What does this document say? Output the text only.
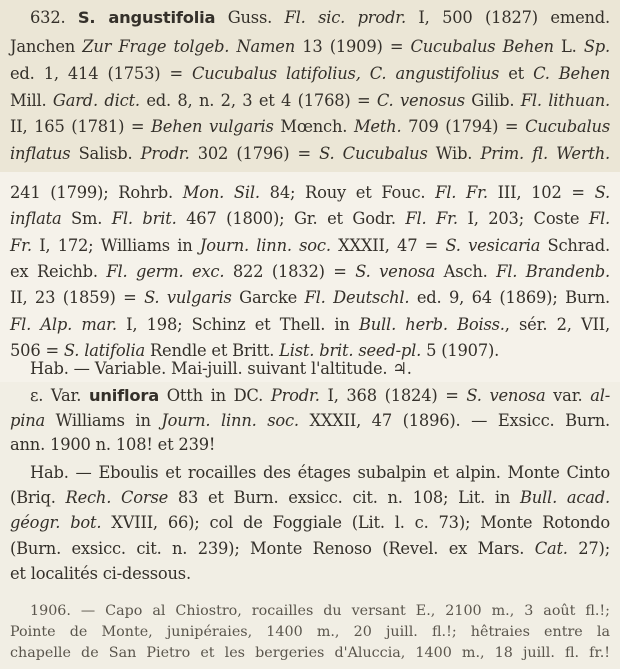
632. S. angustifolia Guss. Fl. sic. prodr. I, 500 (1827) emend.
Janchen Zur Frage tolgeb. Namen 13 (1909) = Cucubalus Behen L. Sp.
ed. 1, 414 (1753) = Cucubalus latifolius, C. angustifolius et C. Behen
Mill. Gard. dict. ed. 8, n. 2, 3 et 4 (1768) = C. venosus Gilib. Fl. lithuan.
II, 165 (1781) = Behen vulgaris Mœnch. Meth. 709 (1794) = Cucubalus
inflatus Salisb. Prodr. 302 (1796) = S. Cucubalus Wib. Prim. fl. Werth.
241 (1799); Rohrb. Mon. Sil. 84; Rouy et Fouc. Fl. Fr. III, 102 = S.
inflata Sm. Fl. brit. 467 (1800); Gr. et Godr. Fl. Fr. I, 203; Coste Fl.
Fr. I, 172; Williams in Journ. linn. soc. XXXII, 47 = S. vesicaria Schrad.
ex Reichb. Fl. germ. exc. 822 (1832) = S. venosa Asch. Fl. Brandenb.
II, 23 (1859) = S. vulgaris Garcke Fl. Deutschl. ed. 9, 64 (1869); Burn.
Fl. Alp. mar. I, 198; Schinz et Thell. in Bull. herb. Boiss., sér. 2, VII,
506 = S. latifolia Rendle et Britt. List. brit. seed-pl. 5 (1907).
Hab. — Variable. Mai-juill. suivant l'altitude. ♃.
ε. Var. uniflora Otth in DC. Prodr. I, 368 (1824) = S. venosa var. al-
pina Williams in Journ. linn. soc. XXXII, 47 (1896). — Exsicc. Burn.
ann. 1900 n. 108! et 239!
Hab. — Eboulis et rocailles des étages subalpin et alpin. Monte Cinto
(Briq. Rech. Corse 83 et Burn. exsicc. cit. n. 108; Lit. in Bull. acad.
géogr. bot. XVIII, 66); col de Foggiale (Lit. l. c. 73); Monte Rotondo
(Burn. exsicc. cit. n. 239); Monte Renoso (Revel. ex Mars. Cat. 27);
et localités ci-dessous.
1906. — Capo al Chiostro, rocailles du versant E., 2100 m., 3 août fl.!;
Pointe de Monte, junipéraies, 1400 m., 20 juill. fl.!; hêtraies entre la
chapelle de San Pietro et les bergeries d'Aluccia, 1400 m., 18 juill. fl. fr.!
